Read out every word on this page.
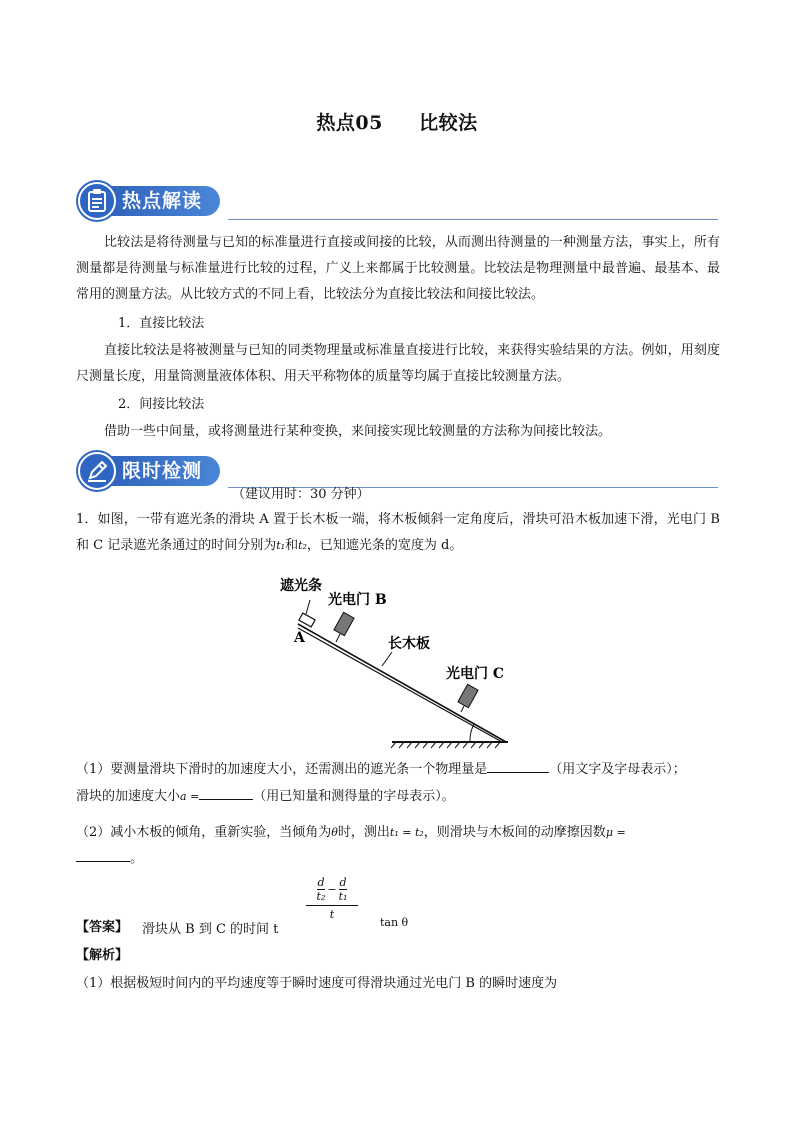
热点05 比较法
热点解读
比较法是将待测量与已知的标准量进行直接或间接的比较，从而测出待测量的一种测量方法，事实上，所有测量都是待测量与标准量进行比较的过程，广义上来都属于比较测量。比较法是物理测量中最普遍、最基本、最常用的测量方法。从比较方式的不同上看，比较法分为直接比较法和间接比较法。
1．直接比较法
直接比较法是将被测量与已知的同类物理量或标准量直接进行比较，来获得实验结果的方法。例如，用刻度尺测量长度，用量筒测量液体体积、用天平称物体的质量等均属于直接比较测量方法。
2．间接比较法
借助一些中间量，或将测量进行某种变换，来间接实现比较测量的方法称为间接比较法。
限时检测
（建议用时：30 分钟）
1．如图，一带有遮光条的滑块 A 置于长木板一端，将木板倾斜一定角度后，滑块可沿木板加速下滑，光电门 B 和 C 记录遮光条通过的时间分别为t₁和t₂，已知遮光条的宽度为 d。
遮光条
光电门 B
A	长木板
光电门 C
（1）要测量滑块下滑时的加速度大小，还需测出的遮光条一个物理量是	（用文字及字母表示）；
滑块的加速度大小a =	（用已知量和测得量的字母表示）。
（2）减小木板的倾角，重新实验，当倾角为θ时，测出t₁ = t₂，则滑块与木板间的动摩擦因数μ =
。
【答案】 滑块从 B 到 C 的时间 t
$\frac{\frac{d}{\text{t₂}} - \frac{d}{\text{t₁}}}{t}$
tan θ
【解析】
（1）根据极短时间内的平均速度等于瞬时速度可得滑块通过光电门 B 的瞬时速度为
